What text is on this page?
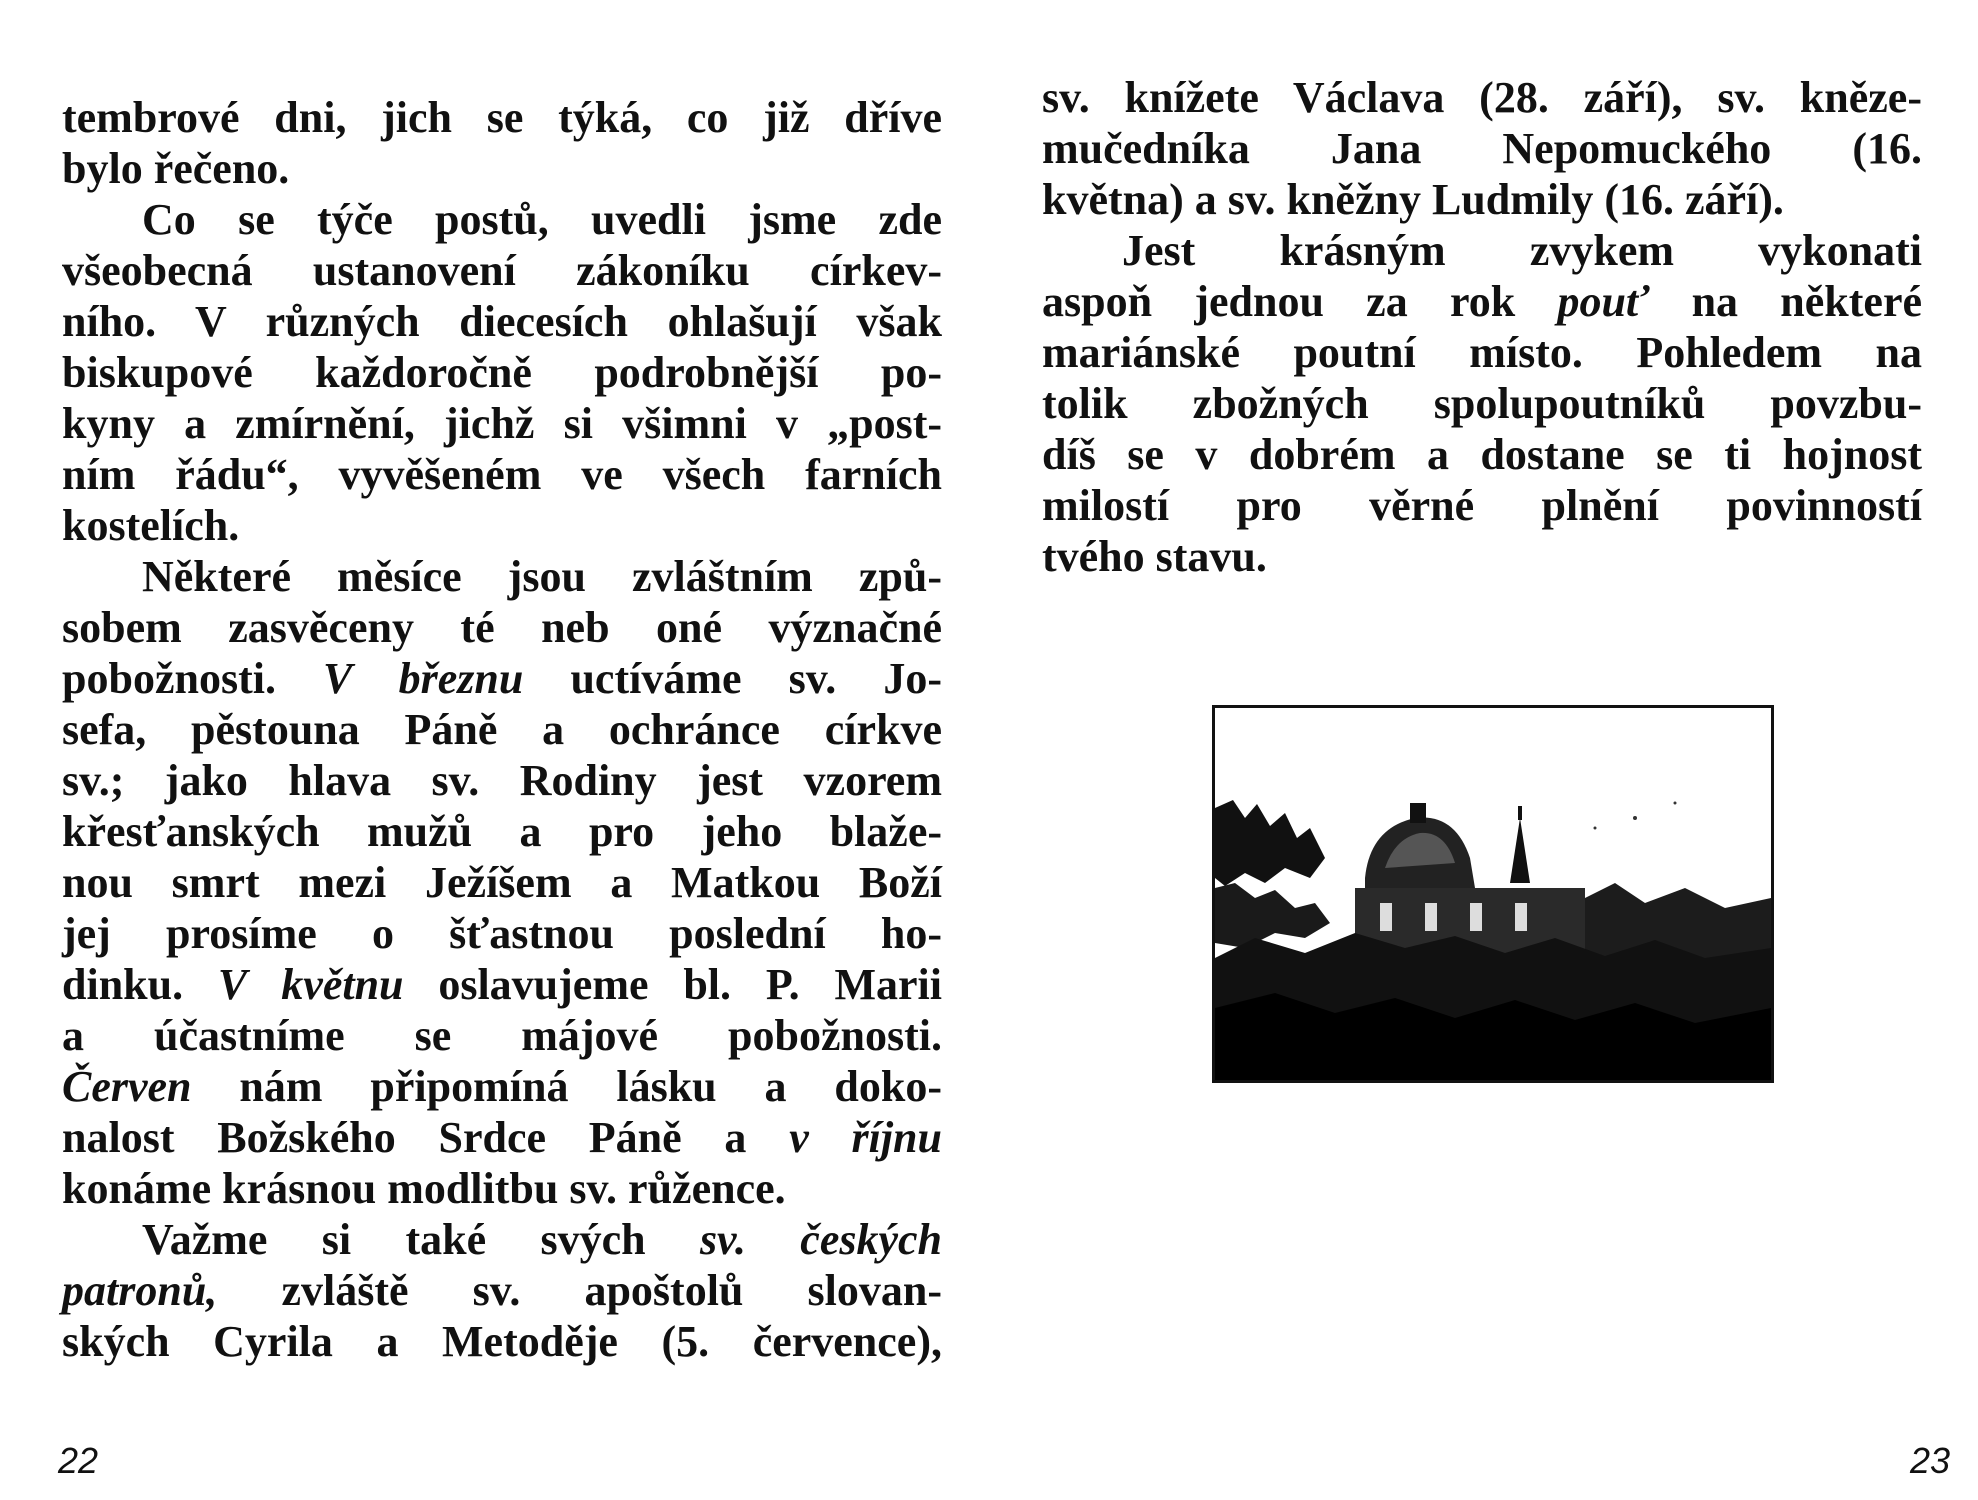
tembrové dni, jich se týká, co již dříve
bylo řečeno.
Co se týče postů, uvedli jsme zde
všeobecná ustanovení zákoníku církev-
ního. V různých diecesích ohlašují však
biskupové každoročně podrobnější po-
kyny a zmírnění, jichž si všimni v „post-
ním řádu“, vyvěšeném ve všech farních
kostelích.
Některé měsíce jsou zvláštním způ-
sobem zasvěceny té neb oné význačné
pobožnosti. V březnu uctíváme sv. Jo-
sefa, pěstouna Páně a ochránce církve
sv.; jako hlava sv. Rodiny jest vzorem
křesťanských mužů a pro jeho blaže-
nou smrt mezi Ježíšem a Matkou Boží
jej prosíme o šťastnou poslední ho-
dinku. V květnu oslavujeme bl. P. Marii
a účastníme se májové pobožnosti.
Červen nám připomíná lásku a doko-
nalost Božského Srdce Páně a v říjnu
konáme krásnou modlitbu sv. růžence.
Važme si také svých sv. českých
patronů, zvláště sv. apoštolů slovan-
ských Cyrila a Metoděje (5. července),
22
sv. knížete Václava (28. září), sv. kněze-
mučedníka Jana Nepomuckého (16.
května) a sv. kněžny Ludmily (16. září).
Jest krásným zvykem vykonati
aspoň jednou za rok pouť na některé
mariánské poutní místo. Pohledem na
tolik zbožných spolupoutníků povzbu-
díš se v dobrém a dostane se ti hojnost
milostí pro věrné plnění povinností
tvého stavu.
23
